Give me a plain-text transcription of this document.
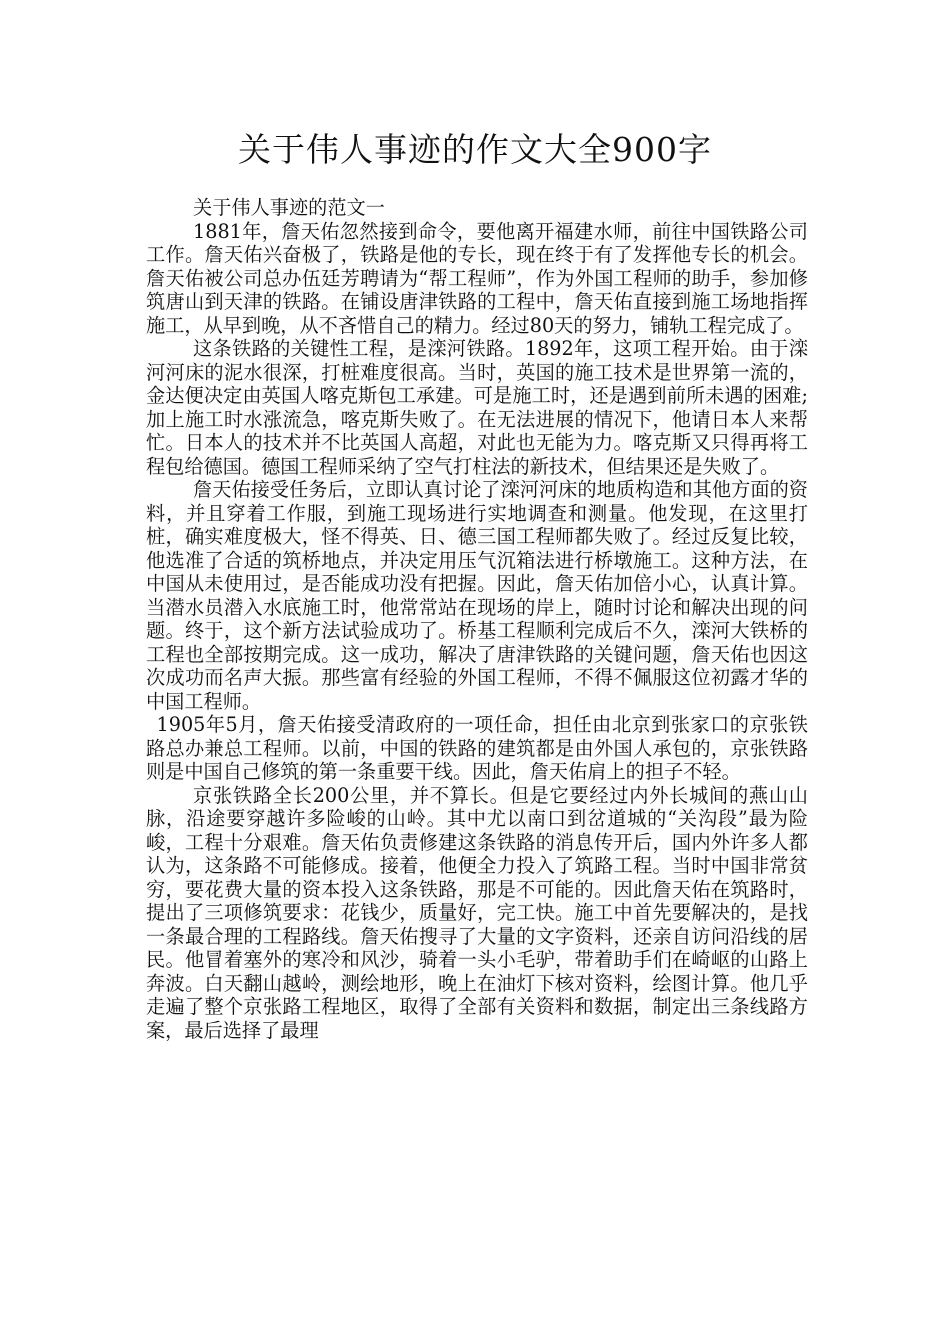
关于伟人事迹的作文大全900字

关于伟人事迹的范文一

1881年，詹天佑忽然接到命令，要他离开福建水师，前往中国铁路公司工作。詹天佑兴奋极了，铁路是他的专长，现在终于有了发挥他专长的机会。詹天佑被公司总办伍廷芳聘请为“帮工程师”，作为外国工程师的助手，参加修筑唐山到天津的铁路。在铺设唐津铁路的工程中，詹天佑直接到施工场地指挥施工，从早到晚，从不吝惜自己的精力。经过80天的努力，铺轨工程完成了。

这条铁路的关键性工程，是滦河铁路。1892年，这项工程开始。由于滦河河床的泥水很深，打桩难度很高。当时，英国的施工技术是世界第一流的，金达便决定由英国人喀克斯包工承建。可是施工时，还是遇到前所未遇的困难;加上施工时水涨流急，喀克斯失败了。在无法进展的情况下，他请日本人来帮忙。日本人的技术并不比英国人高超，对此也无能为力。喀克斯又只得再将工程包给德国。德国工程师采纳了空气打柱法的新技术，但结果还是失败了。

詹天佑接受任务后，立即认真讨论了滦河河床的地质构造和其他方面的资料，并且穿着工作服，到施工现场进行实地调查和测量。他发现，在这里打桩，确实难度极大，怪不得英、日、德三国工程师都失败了。经过反复比较，他选准了合适的筑桥地点，并决定用压气沉箱法进行桥墩施工。这种方法，在中国从未使用过，是否能成功没有把握。因此，詹天佑加倍小心，认真计算。当潜水员潜入水底施工时，他常常站在现场的岸上，随时讨论和解决出现的问题。终于，这个新方法试验成功了。桥基工程顺利完成后不久，滦河大铁桥的工程也全部按期完成。这一成功，解决了唐津铁路的关键问题，詹天佑也因这次成功而名声大振。那些富有经验的外国工程师，不得不佩服这位初露才华的中国工程师。

1905年5月，詹天佑接受清政府的一项任命，担任由北京到张家口的京张铁路总办兼总工程师。以前，中国的铁路的建筑都是由外国人承包的，京张铁路则是中国自己修筑的第一条重要干线。因此，詹天佑肩上的担子不轻。

京张铁路全长200公里，并不算长。但是它要经过内外长城间的燕山山脉，沿途要穿越许多险峻的山岭。其中尤以南口到岔道城的“关沟段”最为险峻，工程十分艰难。詹天佑负责修建这条铁路的消息传开后，国内外许多人都认为，这条路不可能修成。接着，他便全力投入了筑路工程。当时中国非常贫穷，要花费大量的资本投入这条铁路，那是不可能的。因此詹天佑在筑路时，提出了三项修筑要求：花钱少，质量好，完工快。施工中首先要解决的，是找一条最合理的工程路线。詹天佑搜寻了大量的文字资料，还亲自访问沿线的居民。他冒着塞外的寒冷和风沙，骑着一头小毛驴，带着助手们在崎岖的山路上奔波。白天翻山越岭，测绘地形，晚上在油灯下核对资料，绘图计算。他几乎走遍了整个京张路工程地区，取得了全部有关资料和数据，制定出三条线路方案，最后选择了最理
